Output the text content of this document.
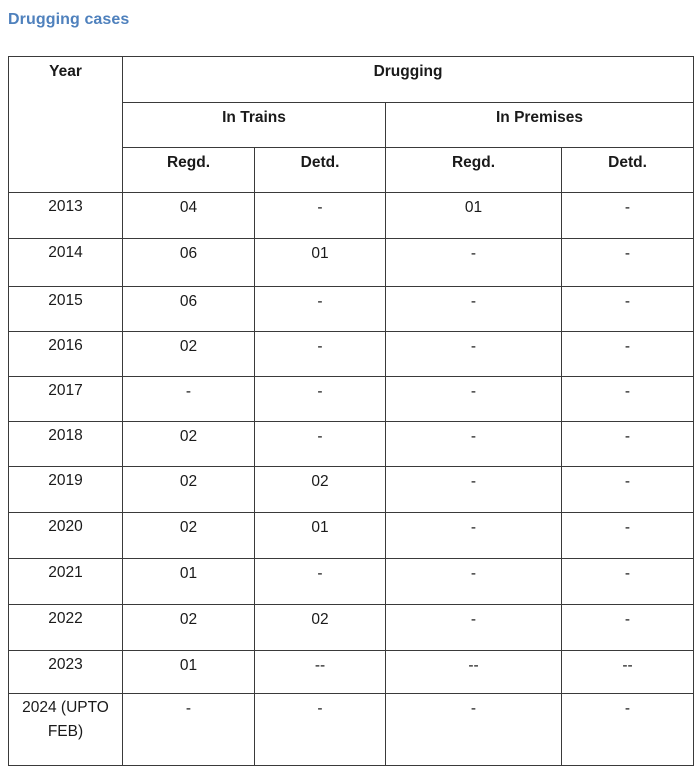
Drugging cases
Year	Drugging			
	In Trains		In Premises	
	Regd.	Detd.	Regd.	Detd.
2013	04	-	01	-
2014	06	01	-	-
2015	06	-	-	-
2016	02	-	-	-
2017	-	-	-	-
2018	02	-	-	-
2019	02	02	-	-
2020	02	01	-	-
2021	01	-	-	-
2022	02	02	-	-
2023	01	--	--	--
2024 (UPTO FEB)	-	-	-	-
